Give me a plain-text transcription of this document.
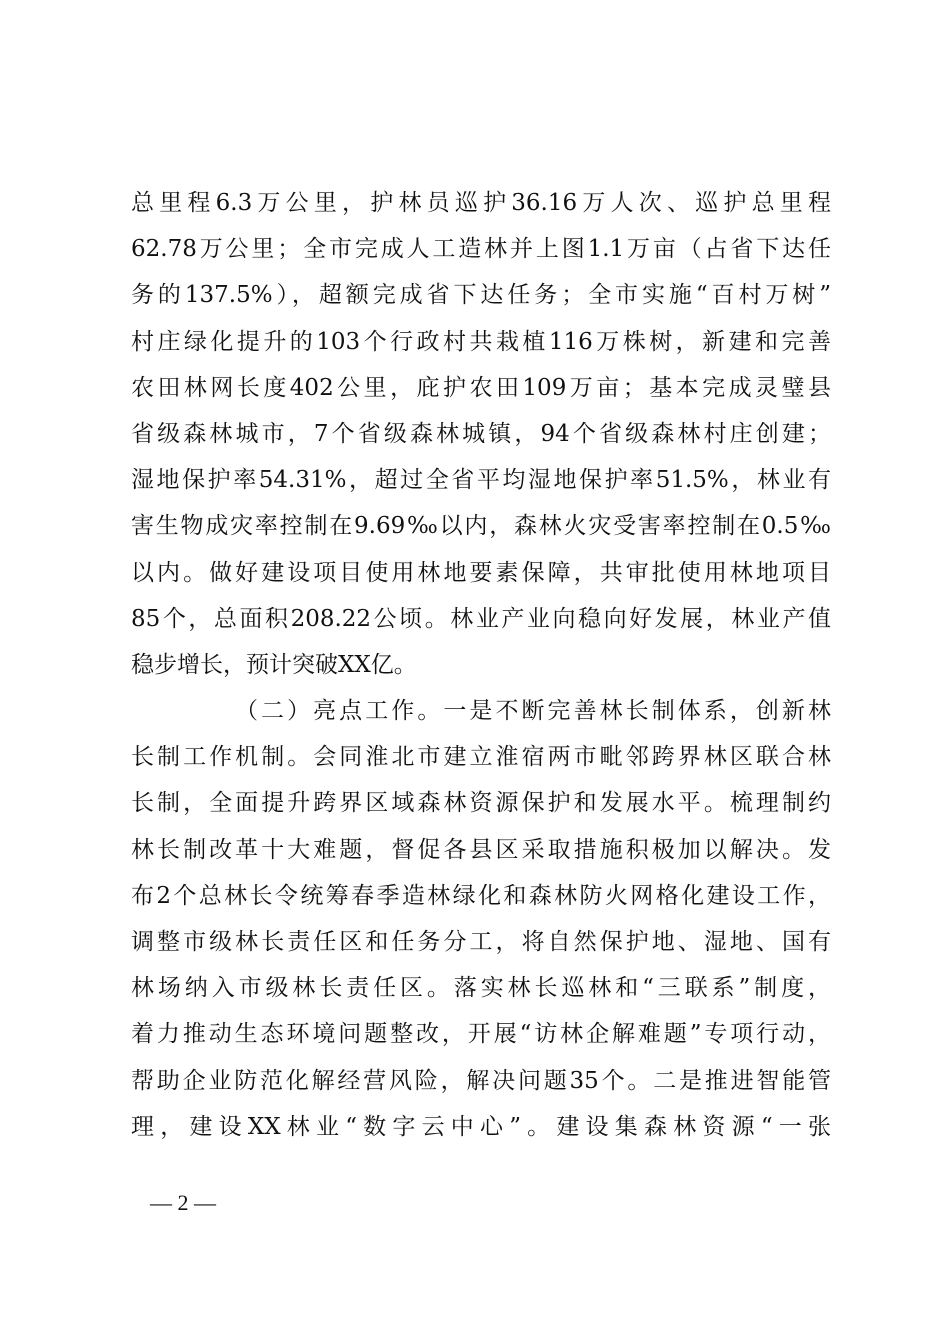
总里程6.3万公里，护林员巡护36.16万人次、巡护总里程
62.78万公里；全市完成人工造林并上图1.1万亩（占省下达任
务的137.5%），超额完成省下达任务；全市实施“百村万树”
村庄绿化提升的103个行政村共栽植116万株树，新建和完善
农田林网长度402公里，庇护农田109万亩；基本完成灵璧县
省级森林城市，7个省级森林城镇，94个省级森林村庄创建；
湿地保护率54.31%，超过全省平均湿地保护率51.5%，林业有
害生物成灾率控制在9.69‰以内，森林火灾受害率控制在0.5‰
以内。做好建设项目使用林地要素保障，共审批使用林地项目
85个，总面积208.22公顷。林业产业向稳向好发展，林业产值
稳步增长，预计突破XX亿。
（二）亮点工作。一是不断完善林长制体系，创新林
长制工作机制。会同淮北市建立淮宿两市毗邻跨界林区联合林
长制，全面提升跨界区域森林资源保护和发展水平。梳理制约
林长制改革十大难题，督促各县区采取措施积极加以解决。发
布2个总林长令统筹春季造林绿化和森林防火网格化建设工作，
调整市级林长责任区和任务分工，将自然保护地、湿地、国有
林场纳入市级林长责任区。落实林长巡林和“三联系”制度，
着力推动生态环境问题整改，开展“访林企解难题”专项行动，
帮助企业防范化解经营风险，解决问题35个。二是推进智能管
理，建设XX林业“数字云中心”。建设集森林资源“一张
— 2 —
